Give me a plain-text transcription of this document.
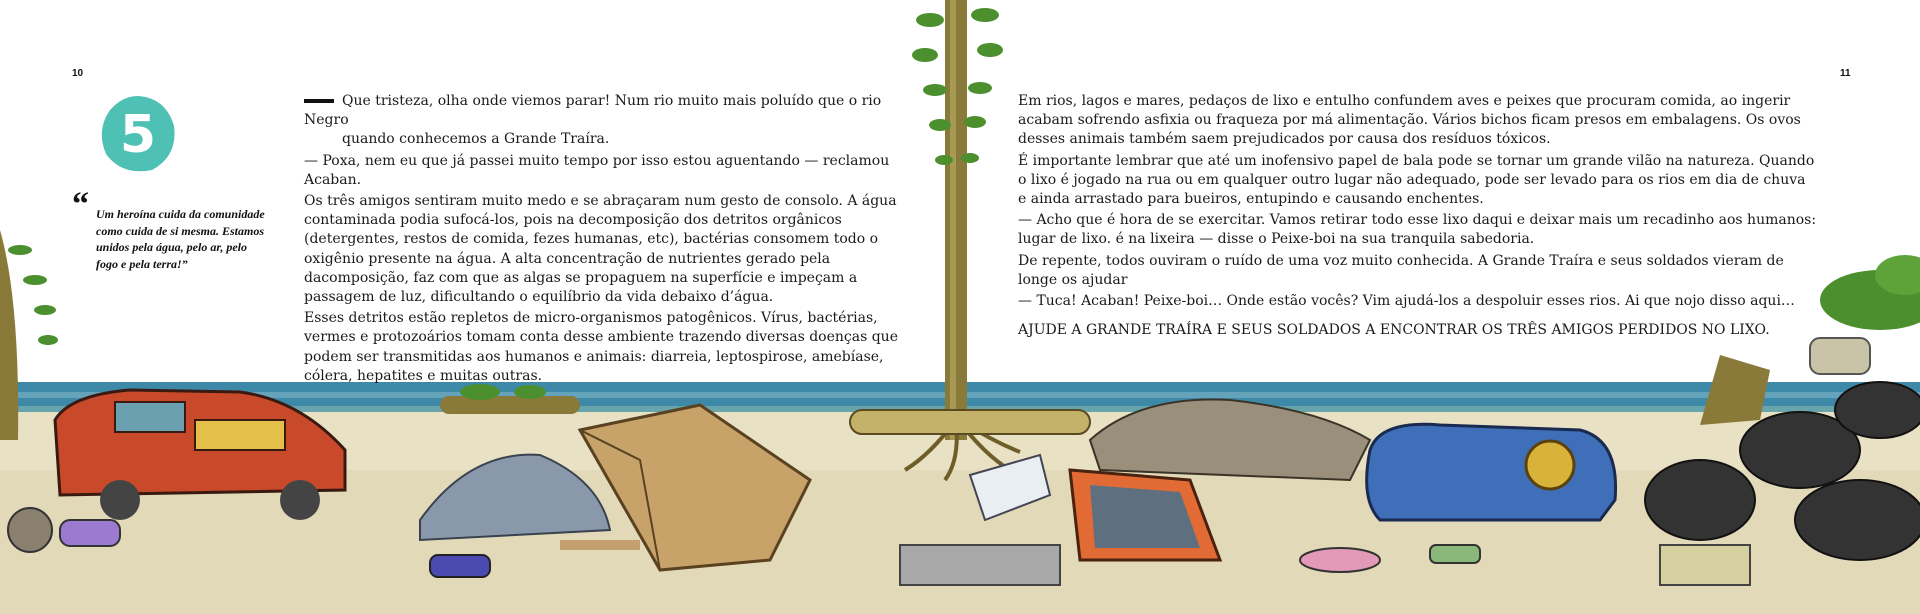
10	11
5
“ Um heroína cuida da comunidade como cuida de si mesma. Estamos unidos pela água, pelo ar, pelo fogo e pela terra!”

Que tristeza, olha onde viemos parar! Num rio muito mais poluído que o rio Negro
quando conhecemos a Grande Traíra.

— Poxa, nem eu que já passei muito tempo por isso estou aguentando — reclamou Acaban.

Os três amigos sentiram muito medo e se abraçaram num gesto de consolo. A água contaminada podia sufocá-los, pois na decomposição dos detritos orgânicos (detergentes, restos de comida, fezes humanas, etc), bactérias consomem todo o oxigênio presente na água. A alta concentração de nutrientes gerado pela dacomposição, faz com que as algas se propaguem na superfície e impeçam a passagem de luz, dificultando o equilíbrio da vida debaixo d’água.

Esses detritos estão repletos de micro-organismos patogênicos. Vírus, bactérias, vermes e protozoários tomam conta desse ambiente trazendo diversas doenças que podem ser transmitidas aos humanos e animais: diarreia, leptospirose, amebíase, cólera, hepatites e muitas outras.

Em rios, lagos e mares, pedaços de lixo e entulho confundem aves e peixes que procuram comida, ao ingerir acabam sofrendo asfixia ou fraqueza por má alimentação. Vários bichos ficam presos em embalagens. Os ovos desses animais também saem prejudicados por causa dos resíduos tóxicos.

É importante lembrar que até um inofensivo papel de bala pode se tornar um grande vilão na natureza. Quando o lixo é jogado na rua ou em qualquer outro lugar não adequado, pode ser levado para os rios em dia de chuva e ainda arrastado para bueiros, entupindo e causando enchentes.

— Acho que é hora de se exercitar. Vamos retirar todo esse lixo daqui e deixar mais um recadinho aos humanos: lugar de lixo. é na lixeira — disse o Peixe-boi na sua tranquila sabedoria.

De repente, todos ouviram o ruído de uma voz muito conhecida. A Grande Traíra e seus soldados vieram de longe os ajudar

— Tuca! Acaban! Peixe-boi… Onde estão vocês? Vim ajudá-los a despoluir esses rios. Ai que nojo disso aqui…

AJUDE A GRANDE TRAÍRA E SEUS SOLDADOS A ENCONTRAR OS TRÊS AMIGOS PERDIDOS NO LIXO.
